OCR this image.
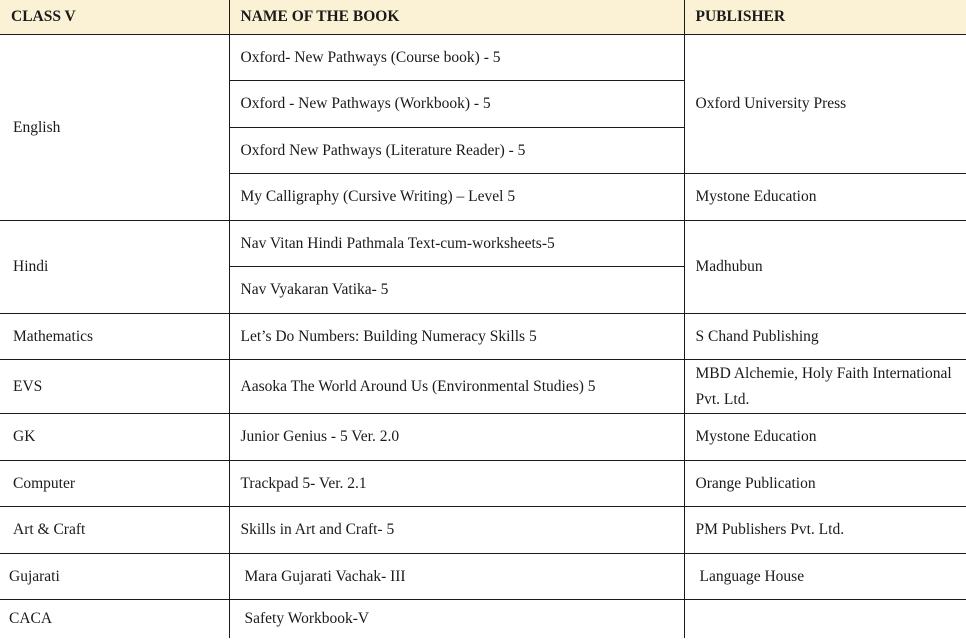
CLASS V	NAME OF THE BOOK	PUBLISHER
English	Oxford- New Pathways (Course book) - 5	Oxford University Press
	Oxford - New Pathways (Workbook) - 5	
	Oxford New Pathways (Literature Reader) - 5	
	My Calligraphy (Cursive Writing) – Level 5	Mystone Education
Hindi	Nav Vitan Hindi Pathmala Text-cum-worksheets-5	Madhubun
	Nav Vyakaran Vatika- 5	
Mathematics	Let’s Do Numbers: Building Numeracy Skills 5	S Chand Publishing
EVS	Aasoka The World Around Us (Environmental Studies) 5	MBD Alchemie, Holy Faith International Pvt. Ltd.
GK	Junior Genius - 5 Ver. 2.0	Mystone Education
Computer	Trackpad 5- Ver. 2.1	Orange Publication
Art & Craft	Skills in Art and Craft- 5	PM Publishers Pvt. Ltd.
Gujarati	Mara Gujarati Vachak- III	Language House
CACA	Safety Workbook-V	
